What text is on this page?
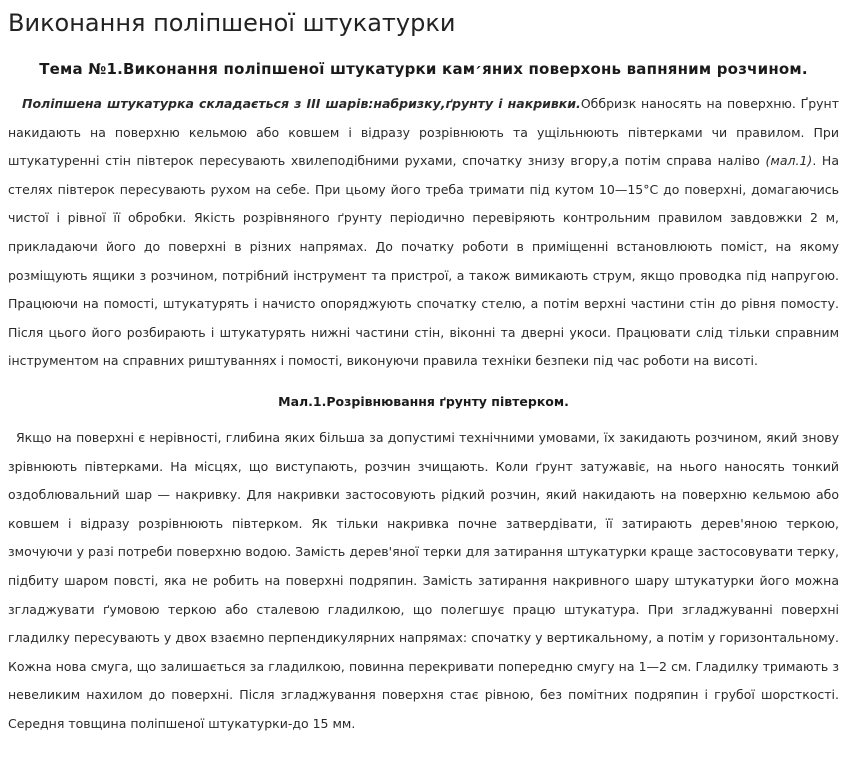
Виконання поліпшеної штукатурки
Тема №1.Виконання поліпшеної штукатурки кам׳яних поверхонь вапняним розчином.

Поліпшена штукатурка складається з III шарів:набризку,ґрунту і накривки.Оббризк наносять на поверхню. Ґрунт накидають на поверхню кельмою або ковшем і відразу розрівнюють та ущільнюють півтерками чи правилом. При штукатуренні стін півтерок пересувають хвилеподібними рухами, спочатку знизу вгору,а потім справа наліво (мал.1). На стелях півтерок пересувають рухом на себе. При цьому його треба тримати під кутом 10—15°С до поверхні, домагаючись чистої і рівної її обробки. Якість розрівняного ґрунту періодично перевіряють контрольним правилом завдовжки 2 м, прикладаючи його до поверхні в різних напрямах. До початку роботи в приміщенні встановлюють поміст, на якому розміщують ящики з розчином, потрібний інструмент та пристрої, а також вимикають струм, якщо проводка під напругою. Працюючи на помості, штукатурять і начисто опоряджують спочатку стелю, а потім верхні частини стін до рівня помосту. Після цього його розбирають і штукатурять нижні частини стін, віконні та дверні укоси. Працювати слід тільки справним інструментом на справних риштуваннях і помості, виконуючи правила техніки безпеки під час роботи на висоті.

Мал.1.Розрівнювання ґрунту півтерком.

Якщо на поверхні є нерівності, глибина яких більша за допустимі технічними умовами, їх закидають розчином, який знову зрівнюють півтерками. На місцях, що виступають, розчин зчищають. Коли ґрунт затужавіє, на нього наносять тонкий оздоблювальний шар — накривку. Для накривки застосовують рідкий розчин, який накидають на поверхню кельмою або ковшем і відразу розрівнюють півтерком. Як тільки накривка почне затвердівати, її затирають дерев'яною теркою, змочуючи у разі потреби поверхню водою. Замість дерев'яної терки для затирання штукатурки краще застосовувати терку, підбиту шаром повсті, яка не робить на поверхні подряпин. Замість затирання накривного шару штукатурки його можна згладжувати ґумовою теркою або сталевою гладилкою, що полегшує працю штукатура. При згладжуванні поверхні гладилку пересувають у двох взаємно перпендикулярних напрямах: спочатку у вертикальному, а потім у горизонтальному. Кожна нова смуга, що залишається за гладилкою, повинна перекривати попередню смугу на 1—2 см. Гладилку тримають з невеликим нахилом до поверхні. Після згладжування поверхня стає рівною, без помітних подряпин і грубої шорсткості. Середня товщина поліпшеної штукатурки-до 15 мм.
